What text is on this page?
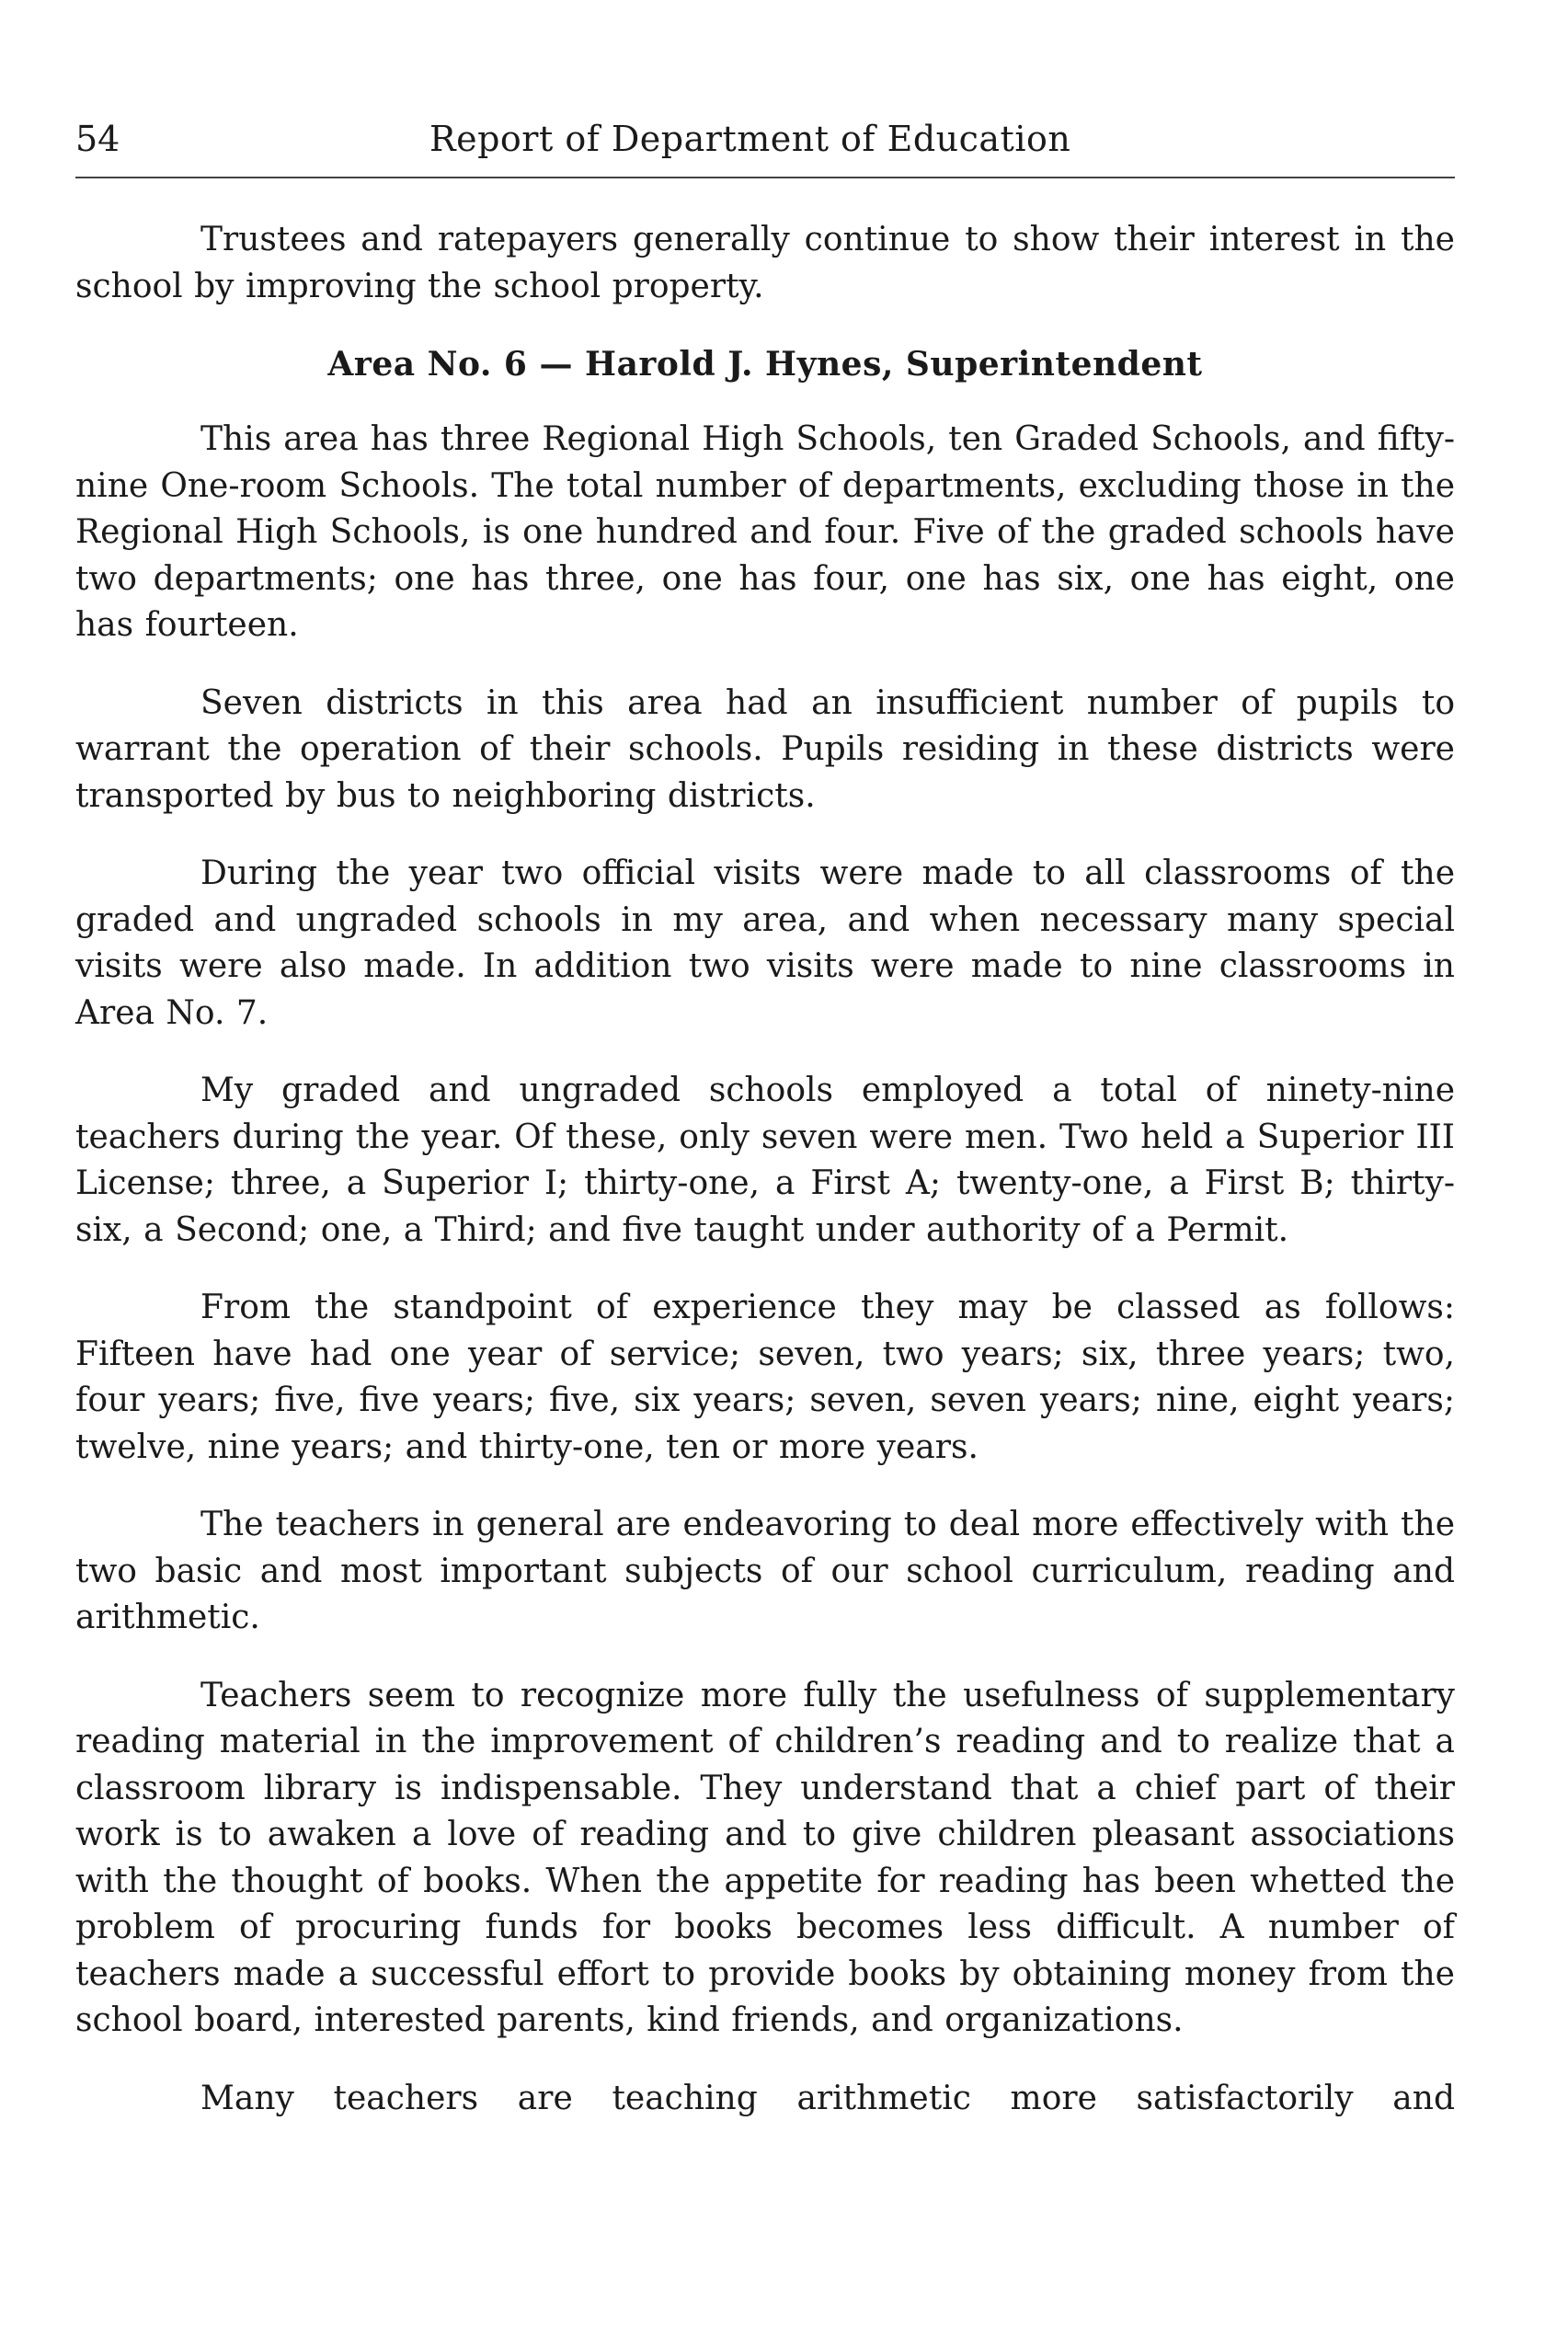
54	Report of Department of Education

Trustees and ratepayers generally continue to show their interest in the school by improving the school property.

Area No. 6 — Harold J. Hynes, Superintendent

This area has three Regional High Schools, ten Graded Schools, and fifty-nine One-room Schools. The total number of departments, excluding those in the Regional High Schools, is one hundred and four. Five of the graded schools have two departments; one has three, one has four, one has six, one has eight, one has fourteen.

Seven districts in this area had an insufficient number of pupils to warrant the operation of their schools. Pupils residing in these districts were transported by bus to neighboring districts.

During the year two official visits were made to all classrooms of the graded and ungraded schools in my area, and when necessary many special visits were also made. In addition two visits were made to nine classrooms in Area No. 7.

My graded and ungraded schools employed a total of ninety-nine teachers during the year. Of these, only seven were men. Two held a Superior III License; three, a Superior I; thirty-one, a First A; twenty-one, a First B; thirty-six, a Second; one, a Third; and five taught under authority of a Permit.

From the standpoint of experience they may be classed as follows: Fifteen have had one year of service; seven, two years; six, three years; two, four years; five, five years; five, six years; seven, seven years; nine, eight years; twelve, nine years; and thirty-one, ten or more years.

The teachers in general are endeavoring to deal more effectively with the two basic and most important subjects of our school curriculum, reading and arithmetic.

Teachers seem to recognize more fully the usefulness of supplementary reading material in the improvement of children’s reading and to realize that a classroom library is indispensable. They understand that a chief part of their work is to awaken a love of reading and to give children pleasant associations with the thought of books. When the appetite for reading has been whetted the problem of procuring funds for books becomes less difficult. A number of teachers made a successful effort to provide books by obtaining money from the school board, interested parents, kind friends, and organizations.

Many teachers are teaching arithmetic more satisfactorily and
